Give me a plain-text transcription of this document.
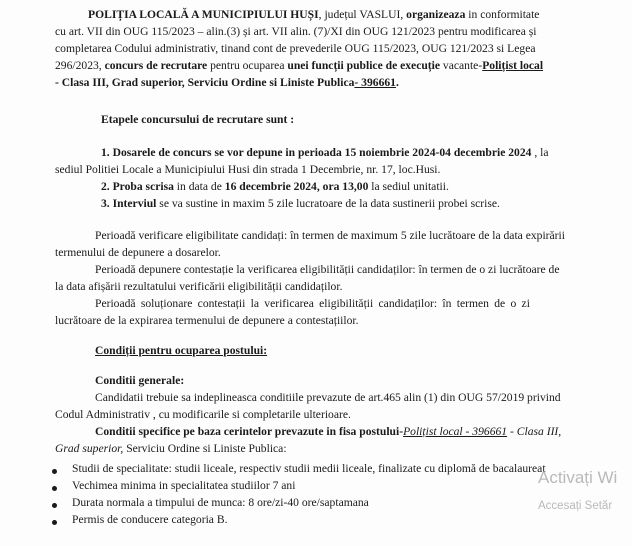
POLIȚIA LOCALĂ A MUNICIPIULUI HUȘI, județul VASLUI, organizeaza in conformitate
cu art. VII din OUG 115/2023 – alin.(3) și art. VII alin. (7)/XI din OUG 121/2023 pentru modificarea și
completarea Codului administrativ, tinand cont de prevederile OUG 115/2023, OUG 121/2023 si Legea
296/2023, concurs de recrutare pentru ocuparea unei funcții publice de execuție vacante-Polițist local
- Clasa III, Grad superior, Serviciu Ordine si Liniste Publica- 396661.
Etapele concursului de recrutare sunt :
1. Dosarele de concurs se vor depune in perioada 15 noiembrie 2024-04 decembrie 2024 , la
sediul Politiei Locale a Municipiului Husi din strada 1 Decembrie, nr. 17, loc.Husi.
2. Proba scrisa in data de 16 decembrie 2024, ora 13,00 la sediul unitatii.
3. Interviul se va sustine in maxim 5 zile lucratoare de la data sustinerii probei scrise.
Perioadă verificare eligibilitate candidați: în termen de maximum 5 zile lucrătoare de la data expirării
termenului de depunere a dosarelor.
Perioadă depunere contestație la verificarea eligibilității candidaților: în termen de o zi lucrătoare de
la data afișării rezultatului verificării eligibilității candidaților.
Perioadă soluționare contestații la verificarea eligibilității candidaților: în termen de o zi
lucrătoare de la expirarea termenului de depunere a contestațiilor.
Condiții pentru ocuparea postului:
Conditii generale:
Candidatii trebuie sa indeplineasca conditiile prevazute de art.465 alin (1) din OUG 57/2019 privind
Codul Administrativ , cu modificarile si completarile ulterioare.
Conditii specifice pe baza cerintelor prevazute in fisa postului-Polițist local - 396661 - Clasa III,
Grad superior, Serviciu Ordine si Liniste Publica:
Studii de specialitate: studii liceale, respectiv studii medii liceale, finalizate cu diplomă de bacalaureat
Vechimea minima in specialitatea studiilor 7 ani
Durata normala a timpului de munca: 8 ore/zi-40 ore/saptamana
Permis de conducere categoria B.
Activați Wi
Accesați Setăr
